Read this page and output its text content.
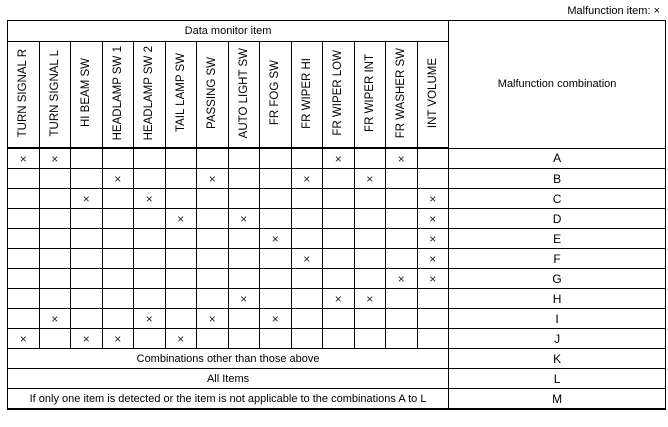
Malfunction item: ×
Data monitor item														Malfunction combination
TURN SIGNAL R	TURN SIGNAL L	HI BEAM SW	HEADLAMP SW 1	HEADLAMP SW 2	TAIL LAMP SW	PASSING SW	AUTO LIGHT SW	FR FOG SW	FR WIPER HI	FR WIPER LOW	FR WIPER INT	FR WASHER SW	INT VOLUME	
×	×									×		×		A
			×			×			×		×			B
		×		×									×	C
					×		×						×	D
								×					×	E
									×				×	F
												×	×	G
							×			×	×			H
	×			×		×		×						I
×		×	×		×									J
Combinations other than those above														K
All Items														L
If only one item is detected or the item is not applicable to the combinations A to L														M
